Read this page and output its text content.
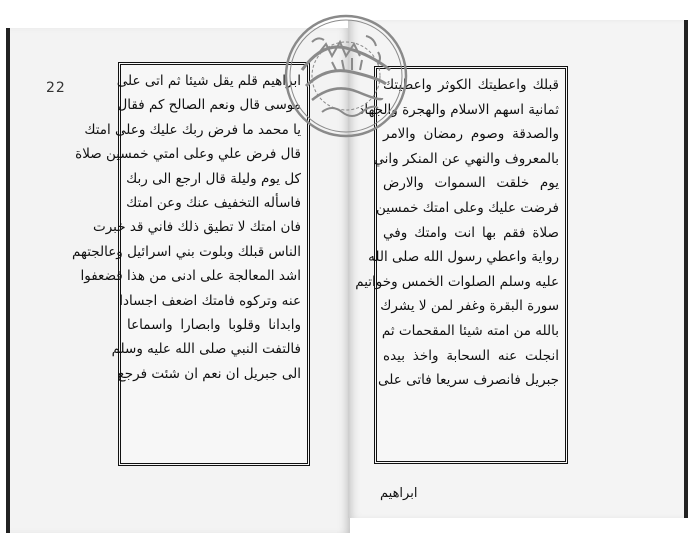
22	ابراهيم قلم يقل شيئا ثم اتى على
موسى قال ونعم الصالح كم فقال
يا محمد ما فرض ربك عليك وعلى امتك
قال فرض علي وعلى امتي خمسين صلاة
كل يوم وليلة قال ارجع الى ربك
فاسأله التخفيف عنك وعن امتك
فان امتك لا تطيق ذلك فاني قد خبرت
الناس قبلك وبلوت بني اسرائيل وعالجتهم
اشد المعالجة على ادنى من هذا فضعفوا
عنه وتركوه فامتك اضعف اجسادا
وابدانا وقلوبا وابصارا واسماعا
فالتفت النبي صلى الله عليه وسلم
الى جبريل ان نعم ان شئت فرجع
قبلك واعطيتك الكوثر واعطيتك
ثمانية اسهم الاسلام والهجرة والجهاد
والصدقة وصوم رمضان والامر
بالمعروف والنهي عن المنكر واني
يوم خلقت السموات والارض
فرضت عليك وعلى امتك خمسين
صلاة فقم بها انت وامتك وفي
رواية واعطي رسول الله صلى الله
عليه وسلم الصلوات الخمس وخواتيم
سورة البقرة وغفر لمن لا يشرك
بالله من امته شيئا المقحمات ثم
انجلت عنه السحابة واخذ بيده
جبريل فانصرف سريعا فاتى على
ابراهيم
